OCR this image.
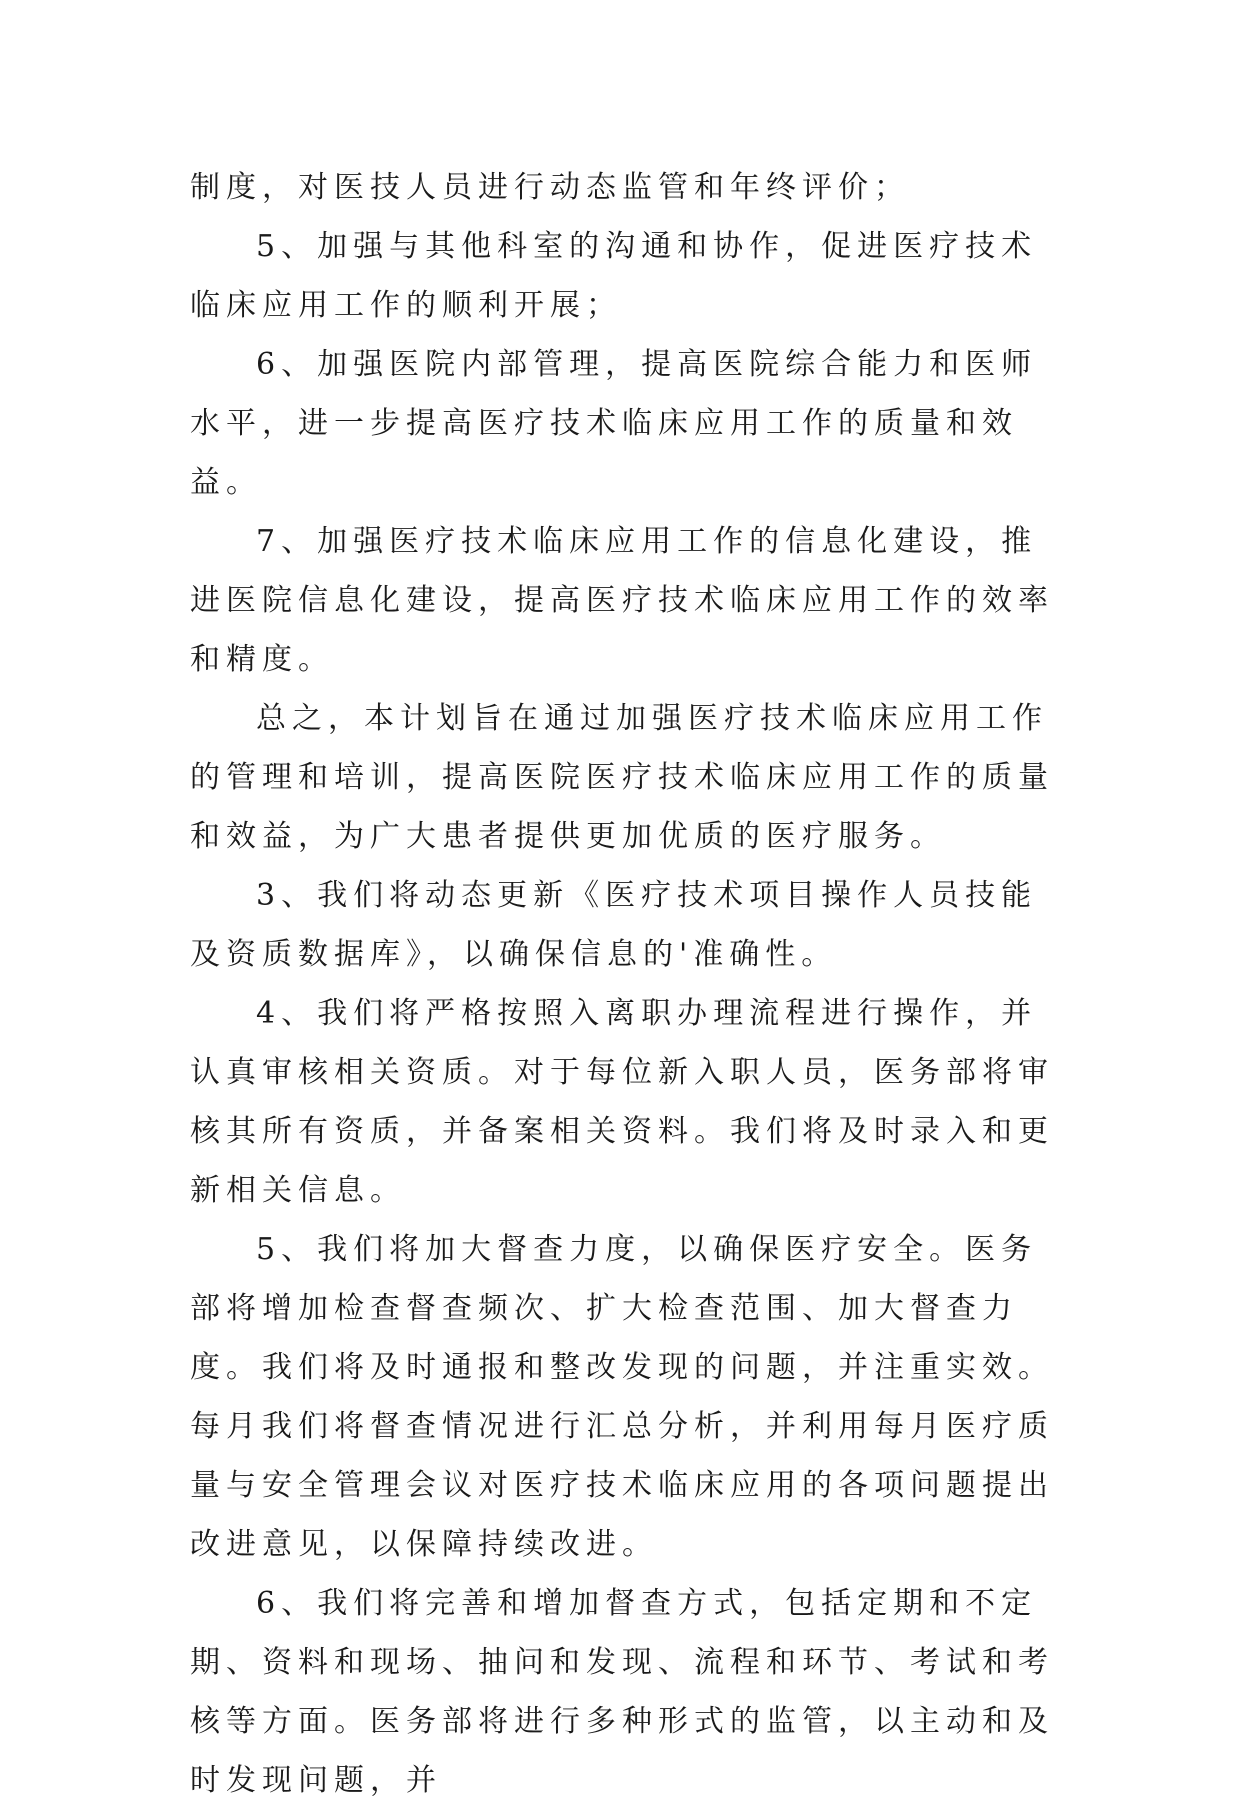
制度，对医技人员进行动态监管和年终评价；

5、加强与其他科室的沟通和协作，促进医疗技术临床应用工作的顺利开展；

6、加强医院内部管理，提高医院综合能力和医师水平，进一步提高医疗技术临床应用工作的质量和效益。

7、加强医疗技术临床应用工作的信息化建设，推进医院信息化建设，提高医疗技术临床应用工作的效率和精度。

总之，本计划旨在通过加强医疗技术临床应用工作的管理和培训，提高医院医疗技术临床应用工作的质量和效益，为广大患者提供更加优质的医疗服务。

3、我们将动态更新《医疗技术项目操作人员技能及资质数据库》，以确保信息的'准确性。

4、我们将严格按照入离职办理流程进行操作，并认真审核相关资质。对于每位新入职人员，医务部将审核其所有资质，并备案相关资料。我们将及时录入和更新相关信息。

5、我们将加大督查力度，以确保医疗安全。医务部将增加检查督查频次、扩大检查范围、加大督查力度。我们将及时通报和整改发现的问题，并注重实效。每月我们将督查情况进行汇总分析，并利用每月医疗质量与安全管理会议对医疗技术临床应用的各项问题提出改进意见，以保障持续改进。

6、我们将完善和增加督查方式，包括定期和不定期、资料和现场、抽问和发现、流程和环节、考试和考核等方面。医务部将进行多种形式的监管，以主动和及时发现问题，并
